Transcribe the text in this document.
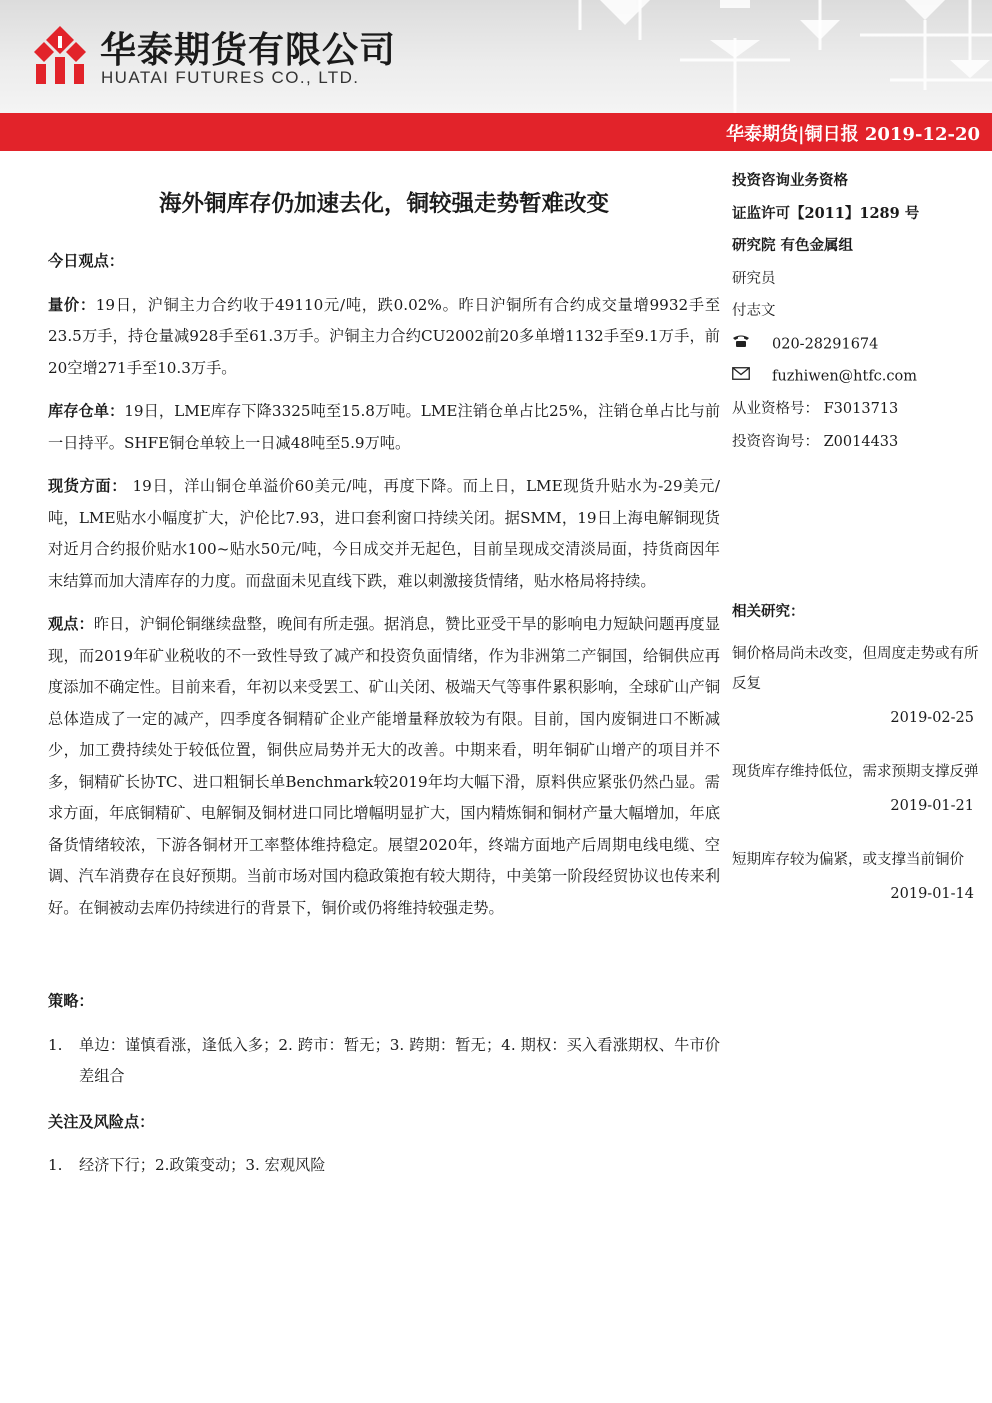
华泰期货有限公司
HUATAI FUTURES CO., LTD.
华泰期货|铜日报 2019-12-20
海外铜库存仍加速去化，铜较强走势暂难改变
今日观点：
量价：19日，沪铜主力合约收于49110元/吨，跌0.02%。昨日沪铜所有合约成交量增9932手至23.5万手，持仓量减928手至61.3万手。沪铜主力合约CU2002前20多单增1132手至9.1万手，前20空增271手至10.3万手。
库存仓单：19日，LME库存下降3325吨至15.8万吨。LME注销仓单占比25%，注销仓单占比与前一日持平。SHFE铜仓单较上一日减48吨至5.9万吨。
现货方面： 19日，洋山铜仓单溢价60美元/吨，再度下降。而上日，LME现货升贴水为-29美元/吨，LME贴水小幅度扩大，沪伦比7.93，进口套利窗口持续关闭。据SMM，19日上海电解铜现货对近月合约报价贴水100~贴水50元/吨，今日成交并无起色，目前呈现成交清淡局面，持货商因年末结算而加大清库存的力度。而盘面未见直线下跌，难以刺激接货情绪，贴水格局将持续。
观点：昨日，沪铜伦铜继续盘整，晚间有所走强。据消息，赞比亚受干旱的影响电力短缺问题再度显现，而2019年矿业税收的不一致性导致了减产和投资负面情绪，作为非洲第二产铜国，给铜供应再度添加不确定性。目前来看，年初以来受罢工、矿山关闭、极端天气等事件累积影响，全球矿山产铜总体造成了一定的减产，四季度各铜精矿企业产能增量释放较为有限。目前，国内废铜进口不断减少，加工费持续处于较低位置，铜供应局势并无大的改善。中期来看，明年铜矿山增产的项目并不多，铜精矿长协TC、进口粗铜长单Benchmark较2019年均大幅下滑，原料供应紧张仍然凸显。需求方面，年底铜精矿、电解铜及铜材进口同比增幅明显扩大，国内精炼铜和铜材产量大幅增加，年底备货情绪较浓，下游各铜材开工率整体维持稳定。展望2020年，终端方面地产后周期电线电缆、空调、汽车消费存在良好预期。当前市场对国内稳政策抱有较大期待，中美第一阶段经贸协议也传来利好。在铜被动去库仍持续进行的背景下，铜价或仍将维持较强走势。
策略：
1. 单边：谨慎看涨，逢低入多；2. 跨市：暂无；3. 跨期：暂无；4. 期权：买入看涨期权、牛市价差组合
关注及风险点：
1. 经济下行；2.政策变动；3. 宏观风险
投资咨询业务资格
证监许可【2011】1289 号
研究院 有色金属组
研究员
付志文
020-28291674
fuzhiwen@htfc.com
从业资格号： F3013713
投资咨询号： Z0014433
相关研究：
铜价格局尚未改变，但周度走势或有所反复
2019-02-25
现货库存维持低位，需求预期支撑反弹
2019-01-21
短期库存较为偏紧，或支撑当前铜价
2019-01-14
